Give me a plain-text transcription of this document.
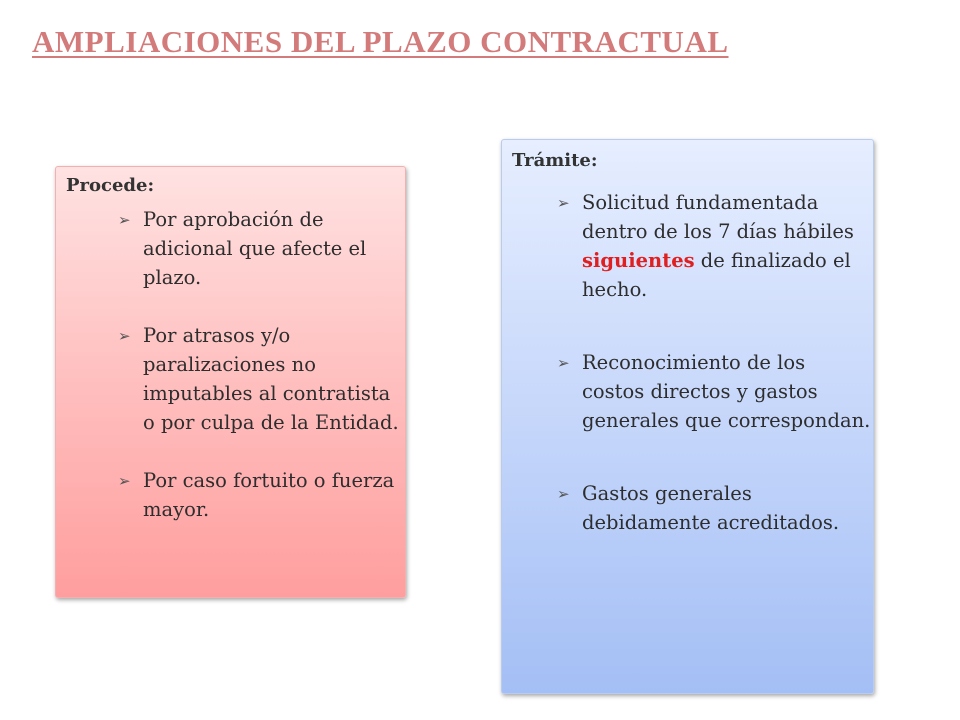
AMPLIACIONES DEL PLAZO CONTRACTUAL
Procede:
➢ Por aprobación de adicional que afecte el plazo.
➢ Por atrasos y/o paralizaciones no imputables al contratista o por culpa de la Entidad.
➢ Por caso fortuito o fuerza mayor.
Trámite:
➢ Solicitud fundamentada dentro de los 7 días hábiles siguientes de finalizado el hecho.
➢ Reconocimiento de los costos directos y gastos generales que correspondan.
➢ Gastos generales debidamente acreditados.
